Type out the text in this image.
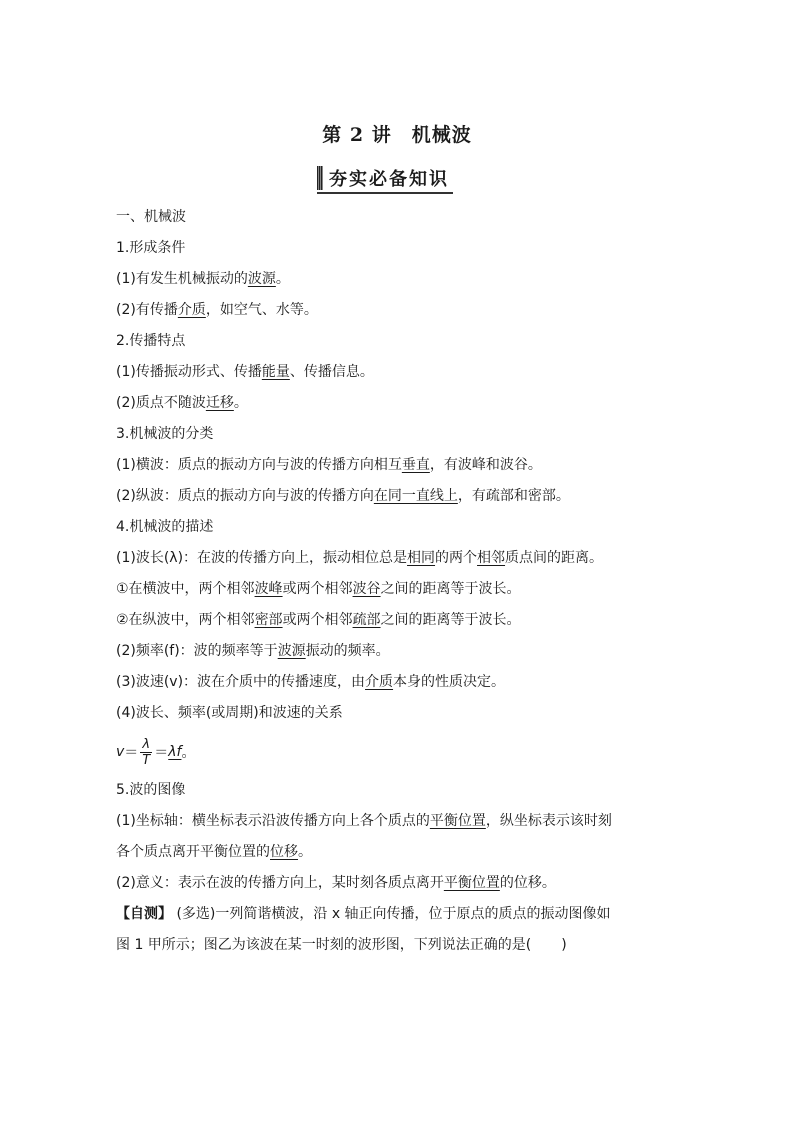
第 2 讲　机械波
夯实必备知识
一、机械波
1.形成条件
(1)有发生机械振动的波源。
(2)有传播介质，如空气、水等。
2.传播特点
(1)传播振动形式、传播能量、传播信息。
(2)质点不随波迁移。
3.机械波的分类
(1)横波：质点的振动方向与波的传播方向相互垂直，有波峰和波谷。
(2)纵波：质点的振动方向与波的传播方向在同一直线上，有疏部和密部。
4.机械波的描述
(1)波长(λ)：在波的传播方向上，振动相位总是相同的两个相邻质点间的距离。
①在横波中，两个相邻波峰或两个相邻波谷之间的距离等于波长。
②在纵波中，两个相邻密部或两个相邻疏部之间的距离等于波长。
(2)频率(f)：波的频率等于波源振动的频率。
(3)波速(v)：波在介质中的传播速度，由介质本身的性质决定。
(4)波长、频率(或周期)和波速的关系
$v = \frac{\lambda}{T} = \lambda f$ 。
5.波的图像
(1)坐标轴：横坐标表示沿波传播方向上各个质点的平衡位置，纵坐标表示该时刻
各个质点离开平衡位置的位移。
(2)意义：表示在波的传播方向上，某时刻各质点离开平衡位置的位移。
【自测】 (多选)一列简谐横波，沿 x 轴正向传播，位于原点的质点的振动图像如
图 1 甲所示；图乙为该波在某一时刻的波形图，下列说法正确的是( )
